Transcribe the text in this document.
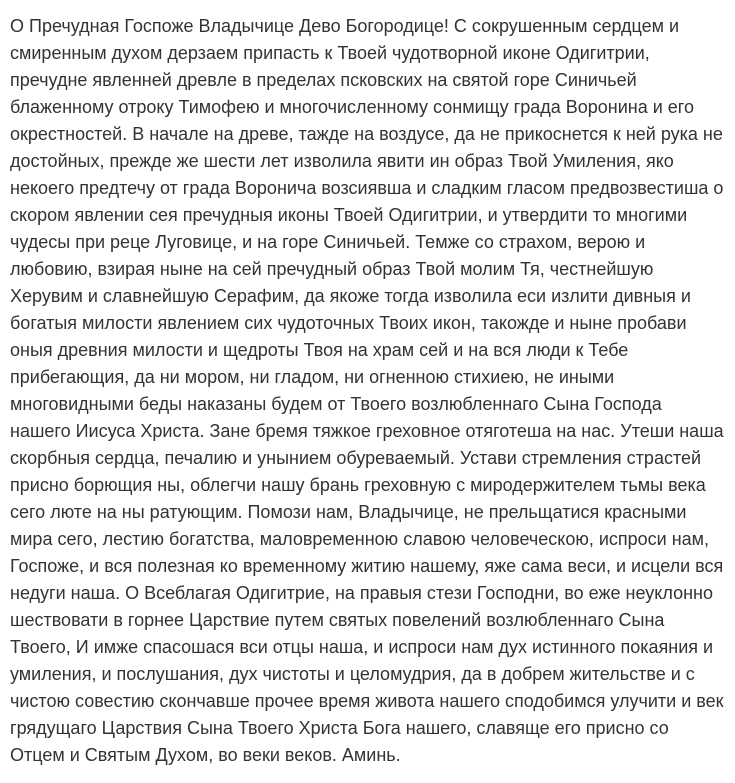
О Пречудная Госпоже Владычице Дево Богородице! С сокрушенным сердцем и
смиренным духом дерзаем припасть к Твоей чудотворной иконе Одигитрии,
пречудне явленней древле в пределах псковских на святой горе Синичьей
блаженному отроку Тимофею и многочисленному сонмищу града Воронина и его
окрестностей. В начале на древе, тажде на воздусе, да не прикоснется к ней рука не
достойных, прежде же шести лет изволила явити ин образ Твой Умиления, яко
некоего предтечу от града Воронича возсиявша и сладким гласом предвозвестиша о
скором явлении сея пречудныя иконы Твоей Одигитрии, и утвердити то многими
чудесы при реце Луговице, и на горе Синичьей. Темже со страхом, верою и
любовию, взирая ныне на сей пречудный образ Твой молим Тя, честнейшую
Херувим и славнейшую Серафим, да якоже тогда изволила еси излити дивныя и
богатыя милости явлением сих чудоточных Твоих икон, такожде и ныне пробави
оныя древния милости и щедроты Твоя на храм сей и на вся люди к Тебе
прибегающия, да ни мором, ни гладом, ни огненною стихиею, не иными
многовидными беды наказаны будем от Твоего возлюбленнаго Сына Господа
нашего Иисуса Христа. Зане бремя тяжкое греховное отяготеша на нас. Утеши наша
скорбныя сердца, печалию и унынием обуреваемый. Устави стремления страстей
присно борющия ны, облегчи нашу брань греховную с миродержителем тьмы века
сего люте на ны ратующим. Помози нам, Владычице, не прельщатися красными
мира сего, лестию богатства, маловременною славою человеческою, испроси нам,
Госпоже, и вся полезная ко временному житию нашему, яже сама веси, и исцели вся
недуги наша. О Всеблагая Одигитрие, на правыя стези Господни, во еже неуклонно
шествовати в горнее Царствие путем святых повелений возлюбленнаго Сына
Твоего, И имже спасошася вси отцы наша, и испроси нам дух истинного покаяния и
умиления, и послушания, дух чистоты и целомудрия, да в добрем жительстве и с
чистою совестию скончавше прочее время живота нашего сподобимся улучити и век
грядущаго Царствия Сына Твоего Христа Бога нашего, славяще его присно со
Отцем и Святым Духом, во веки веков. Аминь.
